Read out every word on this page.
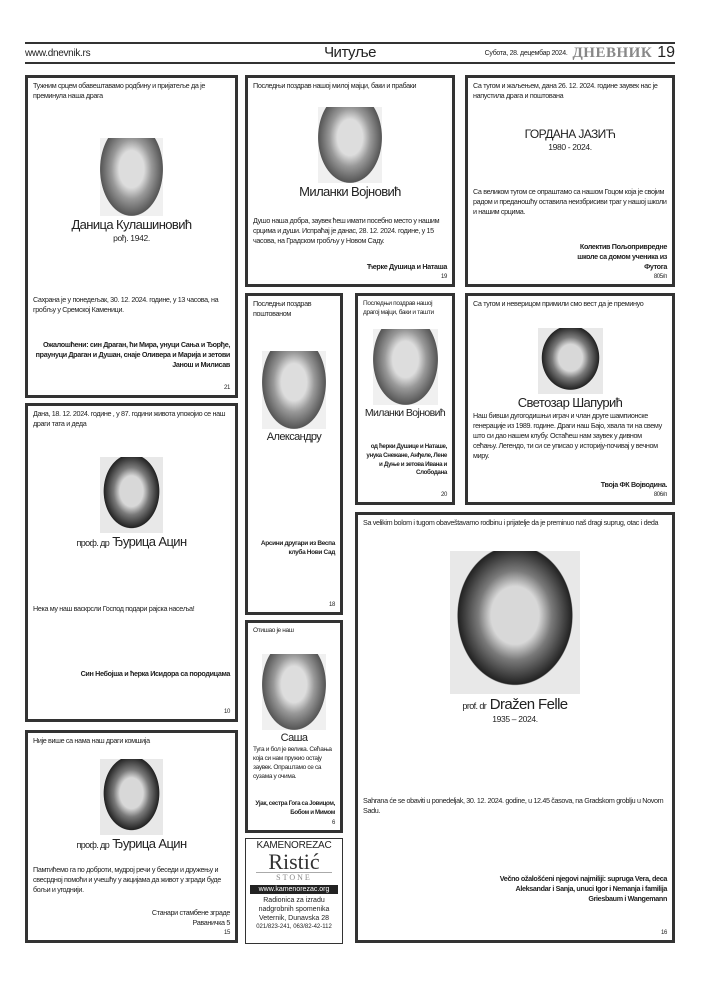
www.dnevnik.rs	Читуље	Субота, 28. децембар 2024. ДНЕВНИК 19
Тужним срцем обавештавамо родбину и пријатеље да је преминула наша драга
Даница Кулашиновић
рођ. 1942.
Сахрана је у понедељак, 30. 12. 2024. године, у 13 часова, на гробљу у Сремској Каменици.
Ожалошћени: син Драган, ћи Мира, унуци Сања и Ђорђе, праунуци Драган и Душан, снаје Оливера и Марија и зетови Јанош и Милисав
21
Последњи поздрав нашој милој мајци, баки и прабаки
Миланки Војновић
Душо наша добра, заувек ћеш имати посебно место у нашим срцима и души. Испраћај је данас, 28. 12. 2024. године, у 15 часова, на Градском гробљу у Новом Саду.
Ћерке Душица и Наташа
19
Са тугом и жаљењем, дана 26. 12. 2024. године заувек нас је напустила драга и поштована
ГОРДАНА ЈАЗИЋ
1980 - 2024.
Са великом тугом се опраштамо са нашом Гоцом која је својим радом и преданошћу оставила неизбрисиви траг у нашој школи и нашим срцима.
Колектив Пољопривредне школе са домом ученика из Футога
805/п
Последњи поздрав поштованом
Александру
Арсини другари из Веспа клуба Нови Сад
18
Последњи поздрав нашој драгој мајци, баки и ташти
Миланки Војновић
од ћерки Душице и Наташе, унука Снежане, Анђеле, Лене и Дуње и зетова Ивана и Слободана
20
Са тугом и неверицом примили смо вест да је преминуо
Светозар Шапурић
Наш бивши дугогодишњи играч и члан друге шампионске генерације из 1989. године. Драги наш Бајо, хвала ти на свему што си дао нашем клубу. Остаћеш нам заувек у дивном сећању. Легендо, ти си се уписао у историју-почивај у вечном миру.
Твоја ФК Војводина.
806/п
Дана, 18. 12. 2024. године , у 87. години живота упокојио се наш драги тата и деда
проф. др Ђурица Ацин
Нека му наш васкрсли Господ подари рајска насеља!
Син Небојша и ћерка Исидора са породицама
10
Sa velikim bolom i tugom obaveštavamo rodbinu i prijatelje da je preminuo naš dragi suprug, otac i deda
prof. dr Dražen Felle
1935 – 2024.
Sahrana će se obaviti u ponedeljak, 30. 12. 2024. godine, u 12.45 časova, na Gradskom groblju u Novom Sadu.
Večno ožalošćeni njegovi najmiliji: supruga Vera, deca Aleksandar i Sanja, unuci Igor i Nemanja i familija Griesbaum i Wangemann
16
Отишао је наш
Саша
Туга и бол је велика. Сећања која си нам пружио остају заувек. Опраштамо се са сузама у очима.
Ујак, сестра Гога са Јовицом, Бобом и Мимом
6
Није више са нама наш драги комшија
проф. др Ђурица Ацин
Памтићемо га по доброти, мудрој речи у беседи и дружењу и свесрдној помоћи и учешћу у акцијама да живот у згради буде бољи и угоднији.
Станари стамбене зграде Раваничка 5
15
KAMENOREZAC
Ristić
STONE
www.kamenorezac.org
Radionica za izradu
nadgrobnih spomenika
Veternik, Dunavska 28
021/823-241, 063/82-42-112
